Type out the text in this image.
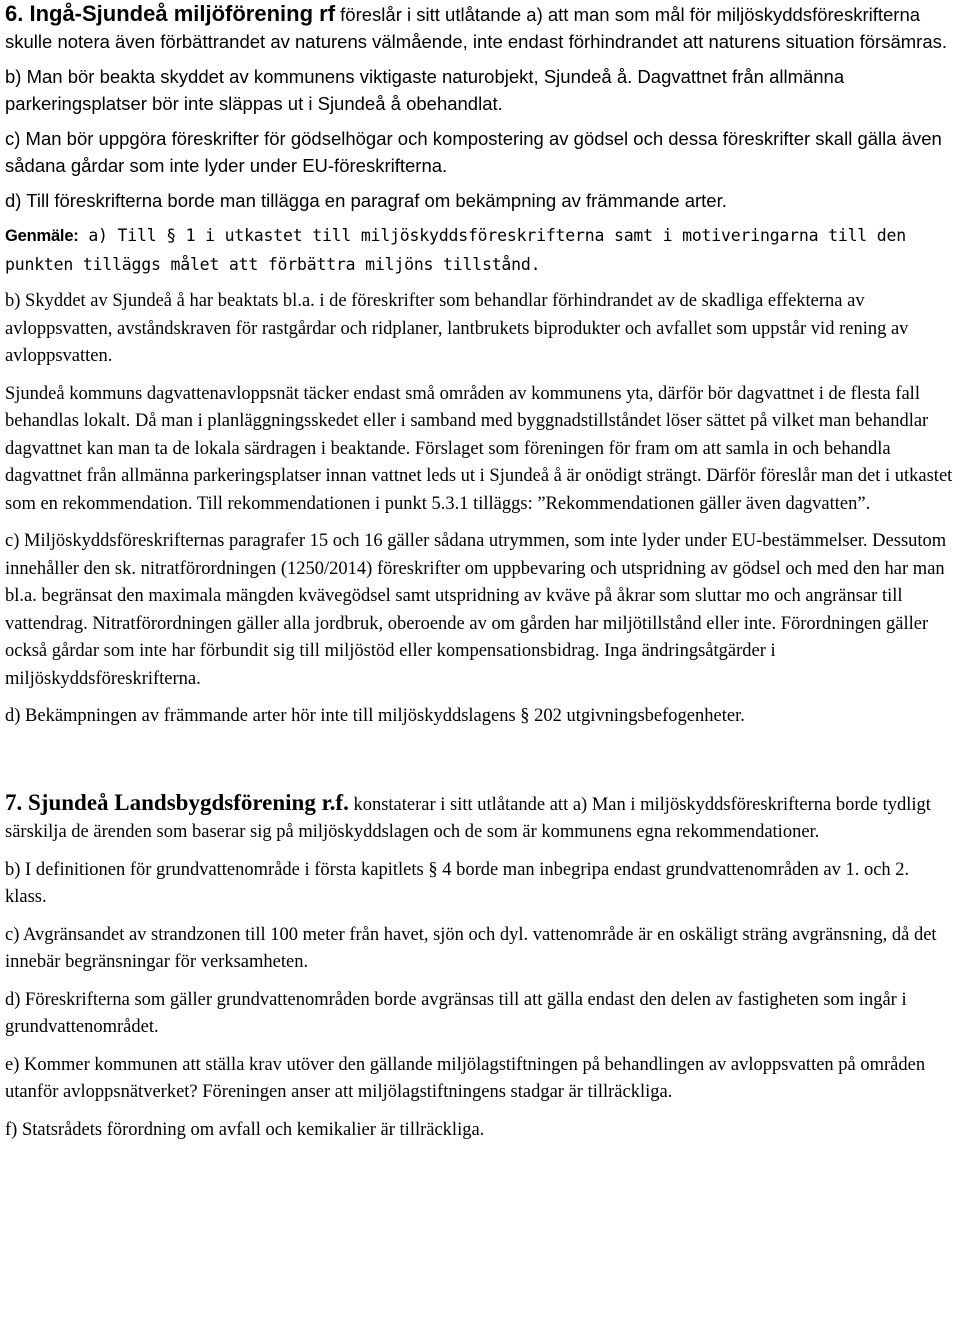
6. Ingå-Sjundeå miljöförening rf föreslår i sitt utlåtande a) att man som mål för miljöskyddsföreskrifterna skulle notera även förbättrandet av naturens välmående, inte endast förhindrandet att naturens situation försämras.

b) Man bör beakta skyddet av kommunens viktigaste naturobjekt, Sjundeå å. Dagvattnet från allmänna parkeringsplatser bör inte släppas ut i Sjundeå å obehandlat.

c) Man bör uppgöra föreskrifter för gödselhögar och kompostering av gödsel och dessa föreskrifter skall gälla även sådana gårdar som inte lyder under EU-föreskrifterna.

d) Till föreskrifterna borde man tillägga en paragraf om bekämpning av främmande arter.

Genmäle: a) Till § 1 i utkastet till miljöskyddsföreskrifterna samt i motiveringarna till den punkten tilläggs målet att förbättra miljöns tillstånd.

b) Skyddet av Sjundeå å har beaktats bl.a. i de föreskrifter som behandlar förhindrandet av de skadliga effekterna av avloppsvatten, avståndskraven för rastgårdar och ridplaner, lantbrukets biprodukter och avfallet som uppstår vid rening av avloppsvatten.

Sjundeå kommuns dagvattenavloppsnät täcker endast små områden av kommunens yta, därför bör dagvattnet i de flesta fall behandlas lokalt. Då man i planläggningsskedet eller i samband med byggnadstillståndet löser sättet på vilket man behandlar dagvattnet kan man ta de lokala särdragen i beaktande. Förslaget som föreningen för fram om att samla in och behandla dagvattnet från allmänna parkeringsplatser innan vattnet leds ut i Sjundeå å är onödigt strängt. Därför föreslår man det i utkastet som en rekommendation. Till rekommendationen i punkt 5.3.1 tilläggs: ”Rekommendationen gäller även dagvatten”.

c) Miljöskyddsföreskrifternas paragrafer 15 och 16 gäller sådana utrymmen, som inte lyder under EU-bestämmelser. Dessutom innehåller den sk. nitratförordningen (1250/2014) föreskrifter om uppbevaring och utspridning av gödsel och med den har man bl.a. begränsat den maximala mängden kvävegödsel samt utspridning av kväve på åkrar som sluttar mo och angränsar till vattendrag. Nitratförordningen gäller alla jordbruk, oberoende av om gården har miljötillstånd eller inte. Förordningen gäller också gårdar som inte har förbundit sig till miljöstöd eller kompensationsbidrag. Inga ändringsåtgärder i miljöskyddsföreskrifterna.

d) Bekämpningen av främmande arter hör inte till miljöskyddslagens § 202 utgivningsbefogenheter.

7. Sjundeå Landsbygdsförening r.f. konstaterar i sitt utlåtande att a) Man i miljöskyddsföreskrifterna borde tydligt särskilja de ärenden som baserar sig på miljöskyddslagen och de som är kommunens egna rekommendationer.

b) I definitionen för grundvattenområde i första kapitlets § 4 borde man inbegripa endast grundvattenområden av 1. och 2. klass.

c) Avgränsandet av strandzonen till 100 meter från havet, sjön och dyl. vattenområde är en oskäligt sträng avgränsning, då det innebär begränsningar för verksamheten.

d) Föreskrifterna som gäller grundvattenområden borde avgränsas till att gälla endast den delen av fastigheten som ingår i grundvattenområdet.

e) Kommer kommunen att ställa krav utöver den gällande miljölagstiftningen på behandlingen av avloppsvatten på områden utanför avloppsnätverket? Föreningen anser att miljölagstiftningens stadgar är tillräckliga.

f) Statsrådets förordning om avfall och kemikalier är tillräckliga.
